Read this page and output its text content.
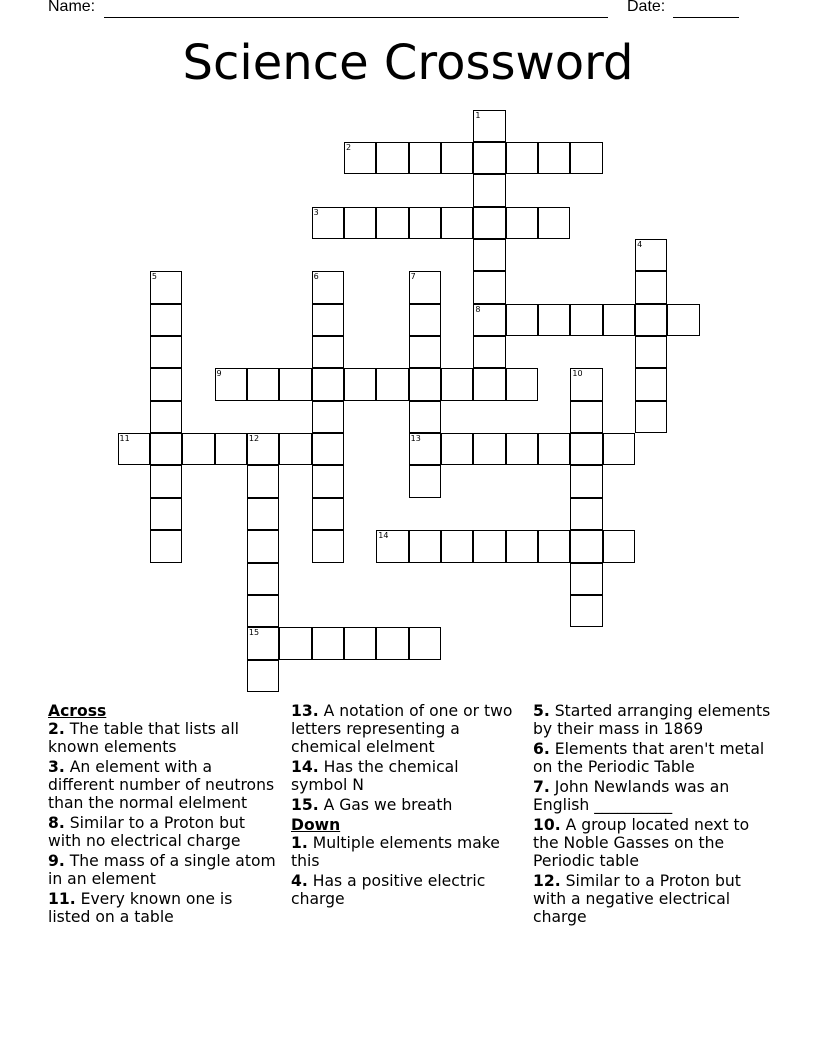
Name:	Date:
Science Crossword
1
8
2
3
4
5	6	7
13
9	10
11	12
15
14
Across
2. The table that lists all known elements
3. An element with a different number of neutrons than the normal elelment
8. Similar to a Proton but with no electrical charge
9. The mass of a single atom in an element
11. Every known one is listed on a table
13. A notation of one or two letters representing a chemical elelment
14. Has the chemical symbol N
15. A Gas we breath
Down
1. Multiple elements make this
4. Has a positive electric charge
5. Started arranging elements by their mass in 1869
6. Elements that aren't metal on the Periodic Table
7. John Newlands was an English __________
10. A group located next to the Noble Gasses on the Periodic table
12. Similar to a Proton but with a negative electrical charge
